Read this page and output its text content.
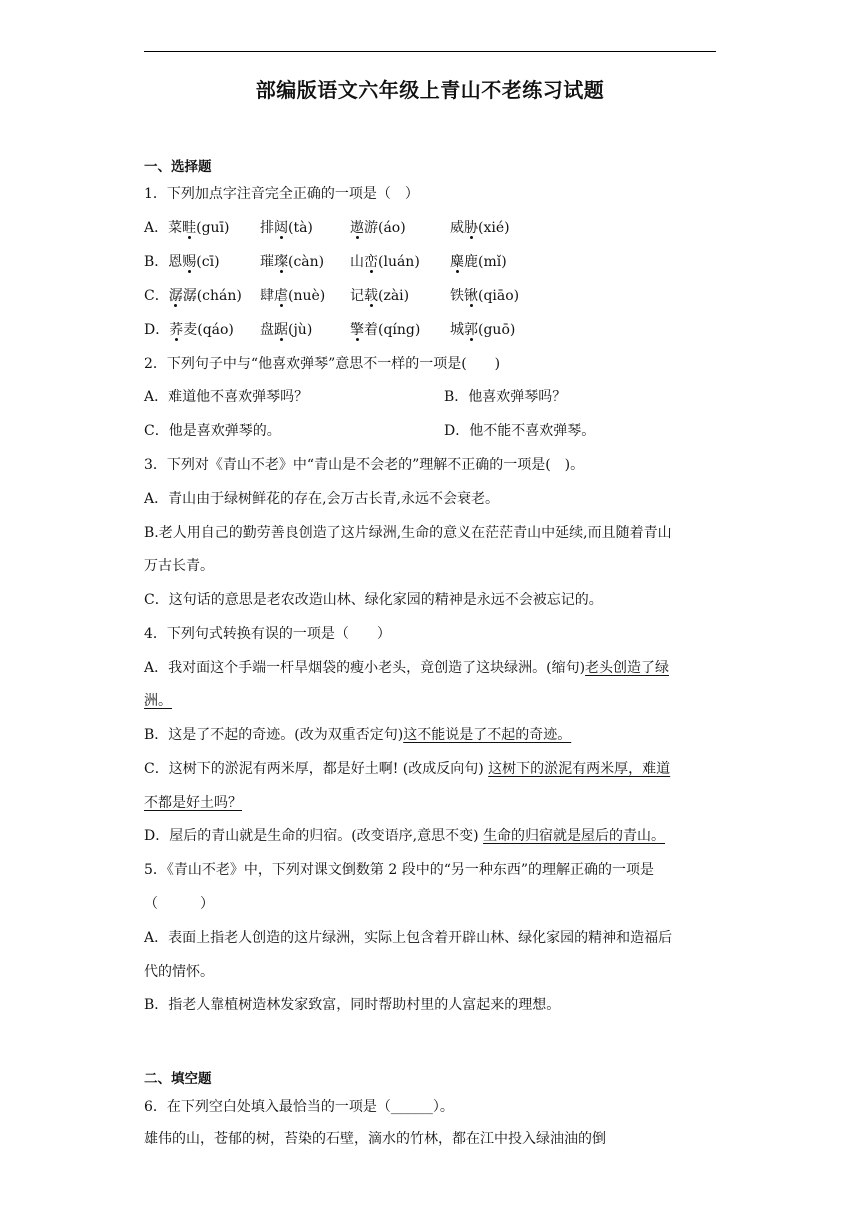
部编版语文六年级上青山不老练习试题
一、选择题
1．下列加点字注音完全正确的一项是（　）
A．菜畦(guī) 排闼(tà)	遨游(áo)	威胁(xié)
B．恩赐(cī)	璀璨(càn) 山峦(luán) 麋鹿(mǐ)
C．潺潺(chán) 肆虐(nuè) 记载(zài)	铁锹(qiāo)
D．荞麦(qáo) 盘踞(jù)	擎着(qíng) 城郭(guō)
2．下列句子中与“他喜欢弹琴”意思不一样的一项是(　　)
A．难道他不喜欢弹琴吗？	B．他喜欢弹琴吗？
C．他是喜欢弹琴的。	D．他不能不喜欢弹琴。
3．下列对《青山不老》中“青山是不会老的”理解不正确的一项是(　)。
A．青山由于绿树鲜花的存在,会万古长青,永远不会衰老。
B.老人用自己的勤劳善良创造了这片绿洲,生命的意义在茫茫青山中延续,而且随着青山
万古长青。
C．这句话的意思是老农改造山林、绿化家园的精神是永远不会被忘记的。
4．下列句式转换有误的一项是（　　）
A．我对面这个手端一杆旱烟袋的瘦小老头，竟创造了这块绿洲。(缩句)老头创造了绿
洲。
B．这是了不起的奇迹。(改为双重否定句)这不能说是了不起的奇迹。
C．这树下的淤泥有两米厚，都是好土啊! (改成反向句) 这树下的淤泥有两米厚，难道
不都是好土吗？
D．屋后的青山就是生命的归宿。(改变语序,意思不变) 生命的归宿就是屋后的青山。
5．《青山不老》中，下列对课文倒数第 2 段中的“另一种东西”的理解正确的一项是
（　　　）
A．表面上指老人创造的这片绿洲，实际上包含着开辟山林、绿化家园的精神和造福后
代的情怀。
B．指老人靠植树造林发家致富，同时帮助村里的人富起来的理想。
二、填空题
6．在下列空白处填入最恰当的一项是（______）。
雄伟的山，苍郁的树，苔染的石壁，滴水的竹林，都在江中投入绿油油的倒
